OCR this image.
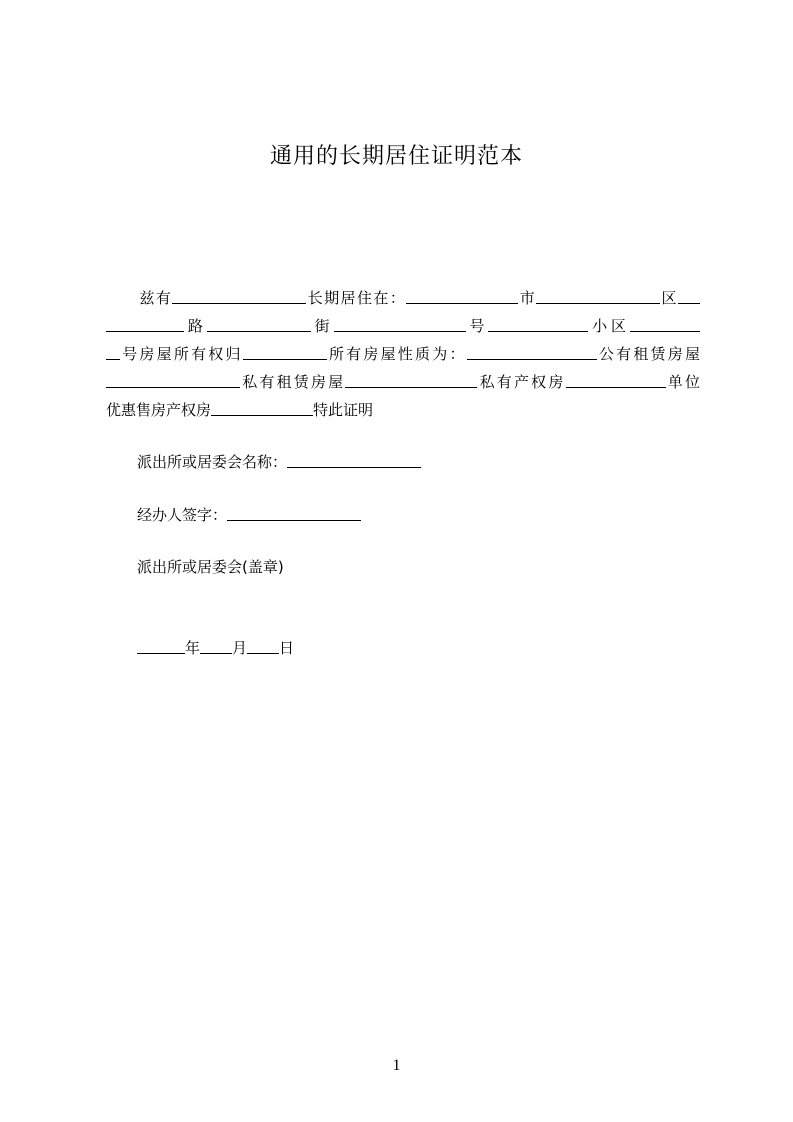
通用的长期居住证明范本
兹有	长期居住在：	市	区
路	街	号	小区
号房屋所有权归	所有房屋性质为：	公有租赁房屋
私有租赁房屋	私有产权房	单位
优惠售房产权房	特此证明
派出所或居委会名称：
经办人签字：
派出所或居委会(盖章)
年 月 日
1
